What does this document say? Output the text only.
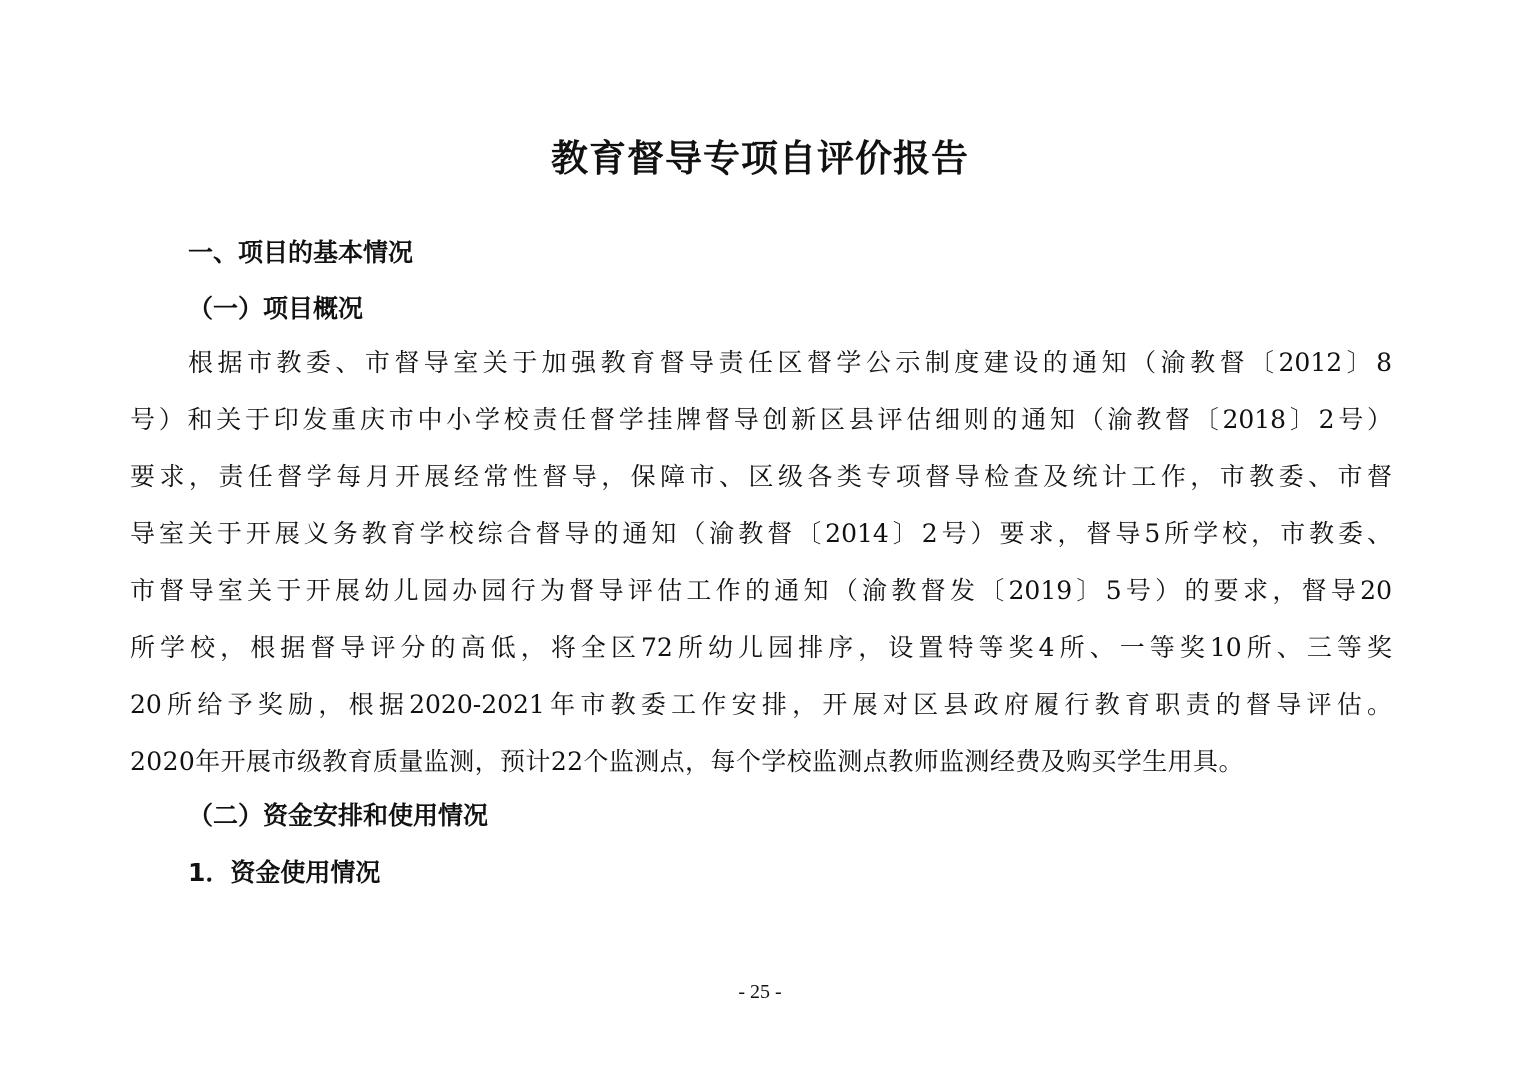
教育督导专项自评价报告
一、项目的基本情况
（一）项目概况
根据市教委、市督导室关于加强教育督导责任区督学公示制度建设的通知（渝教督〔2012〕8
号）和关于印发重庆市中小学校责任督学挂牌督导创新区县评估细则的通知（渝教督〔2018〕2号）
要求，责任督学每月开展经常性督导，保障市、区级各类专项督导检查及统计工作，市教委、市督
导室关于开展义务教育学校综合督导的通知（渝教督〔2014〕2号）要求，督导5所学校，市教委、
市督导室关于开展幼儿园办园行为督导评估工作的通知（渝教督发〔2019〕5号）的要求，督导20
所学校，根据督导评分的高低，将全区72所幼儿园排序，设置特等奖4所、一等奖10所、三等奖
20所给予奖励，根据2020-2021年市教委工作安排，开展对区县政府履行教育职责的督导评估。
2020年开展市级教育质量监测，预计22个监测点，每个学校监测点教师监测经费及购买学生用具。
（二）资金安排和使用情况
1．资金使用情况

- 25 -
